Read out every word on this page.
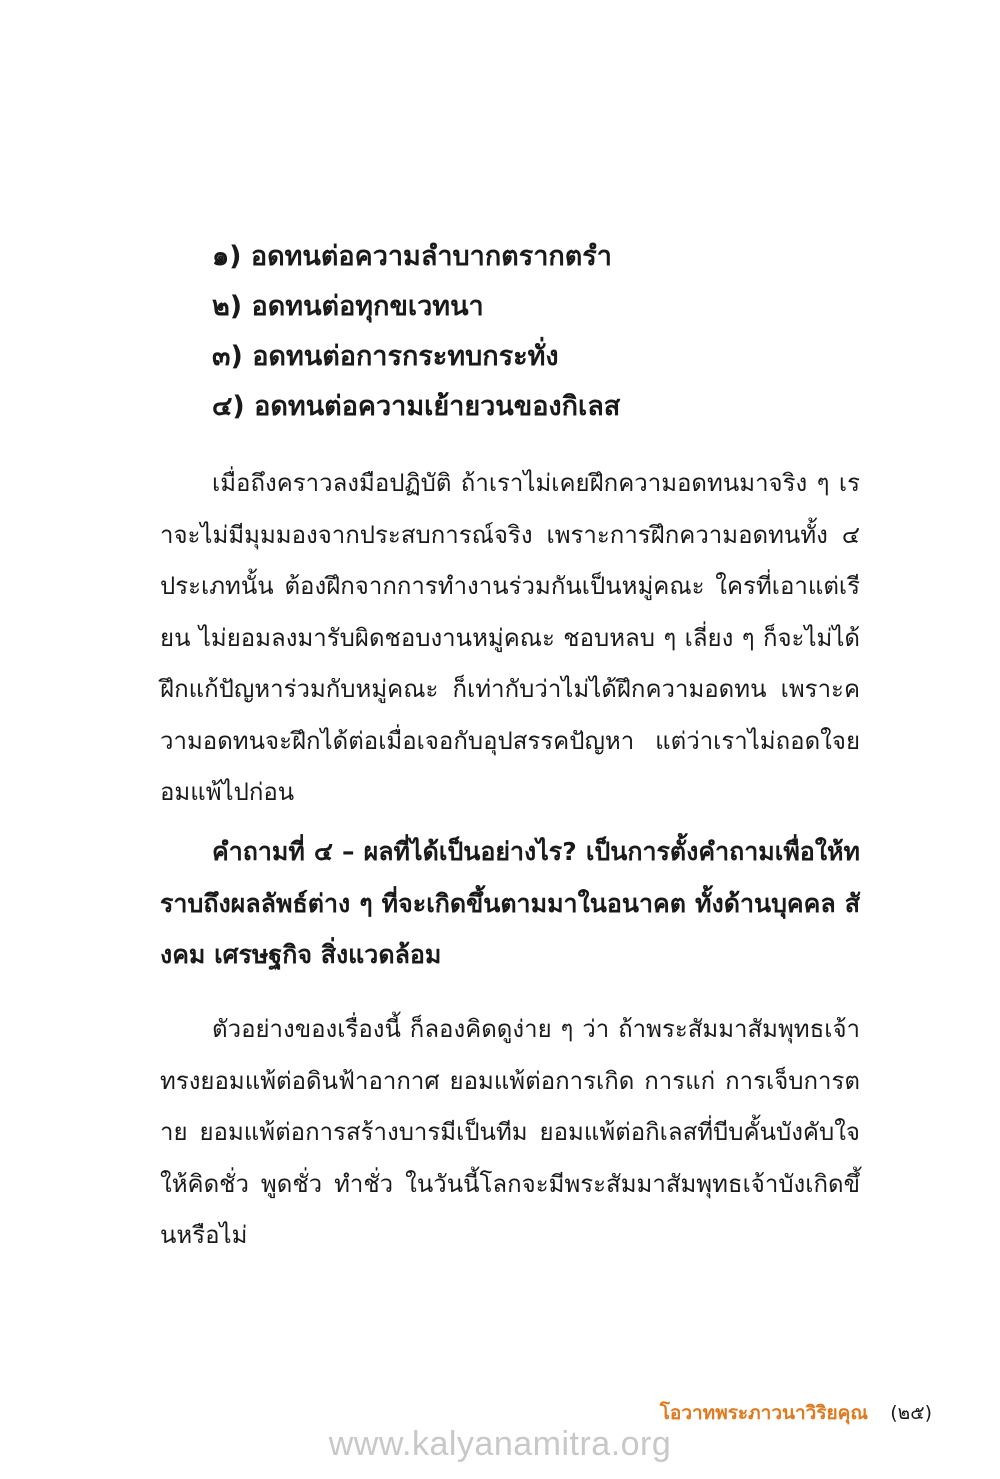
๑) อดทนต่อความลำบากตรากตรำ
๒) อดทนต่อทุกขเวทนา
๓) อดทนต่อการกระทบกระทั่ง
๔) อดทนต่อความเย้ายวนของกิเลส

เมื่อถึงคราวลงมือปฏิบัติ ถ้าเราไม่เคยฝึกความอดทนมาจริง ๆ เราจะไม่มีมุมมองจากประสบการณ์จริง เพราะการฝึกความอดทนทั้ง ๔ ประเภทนั้น ต้องฝึกจากการทำงานร่วมกันเป็นหมู่คณะ ใครที่เอาแต่เรียน ไม่ยอมลงมารับผิดชอบงานหมู่คณะ ชอบหลบ ๆ เลี่ยง ๆ ก็จะไม่ได้ฝึกแก้ปัญหาร่วมกับหมู่คณะ ก็เท่ากับว่าไม่ได้ฝึกความอดทน เพราะความอดทนจะฝึกได้ต่อเมื่อเจอกับอุปสรรคปัญหา แต่ว่าเราไม่ถอดใจยอมแพ้ไปก่อน

คำถามที่ ๔ – ผลที่ได้เป็นอย่างไร? เป็นการตั้งคำถามเพื่อให้ทราบถึงผลลัพธ์ต่าง ๆ ที่จะเกิดขึ้นตามมาในอนาคต ทั้งด้านบุคคล สังคม เศรษฐกิจ สิ่งแวดล้อม

ตัวอย่างของเรื่องนี้ ก็ลองคิดดูง่าย ๆ ว่า ถ้าพระสัมมาสัมพุทธเจ้าทรงยอมแพ้ต่อดินฟ้าอากาศ ยอมแพ้ต่อการเกิด การแก่ การเจ็บการตาย ยอมแพ้ต่อการสร้างบารมีเป็นทีม ยอมแพ้ต่อกิเลสที่บีบคั้นบังคับใจให้คิดชั่ว พูดชั่ว ทำชั่ว ในวันนี้โลกจะมีพระสัมมาสัมพุทธเจ้าบังเกิดขึ้นหรือไม่

โอวาทพระภาวนาวิริยคุณ (๒๕)
www.kalyanamitra.org
